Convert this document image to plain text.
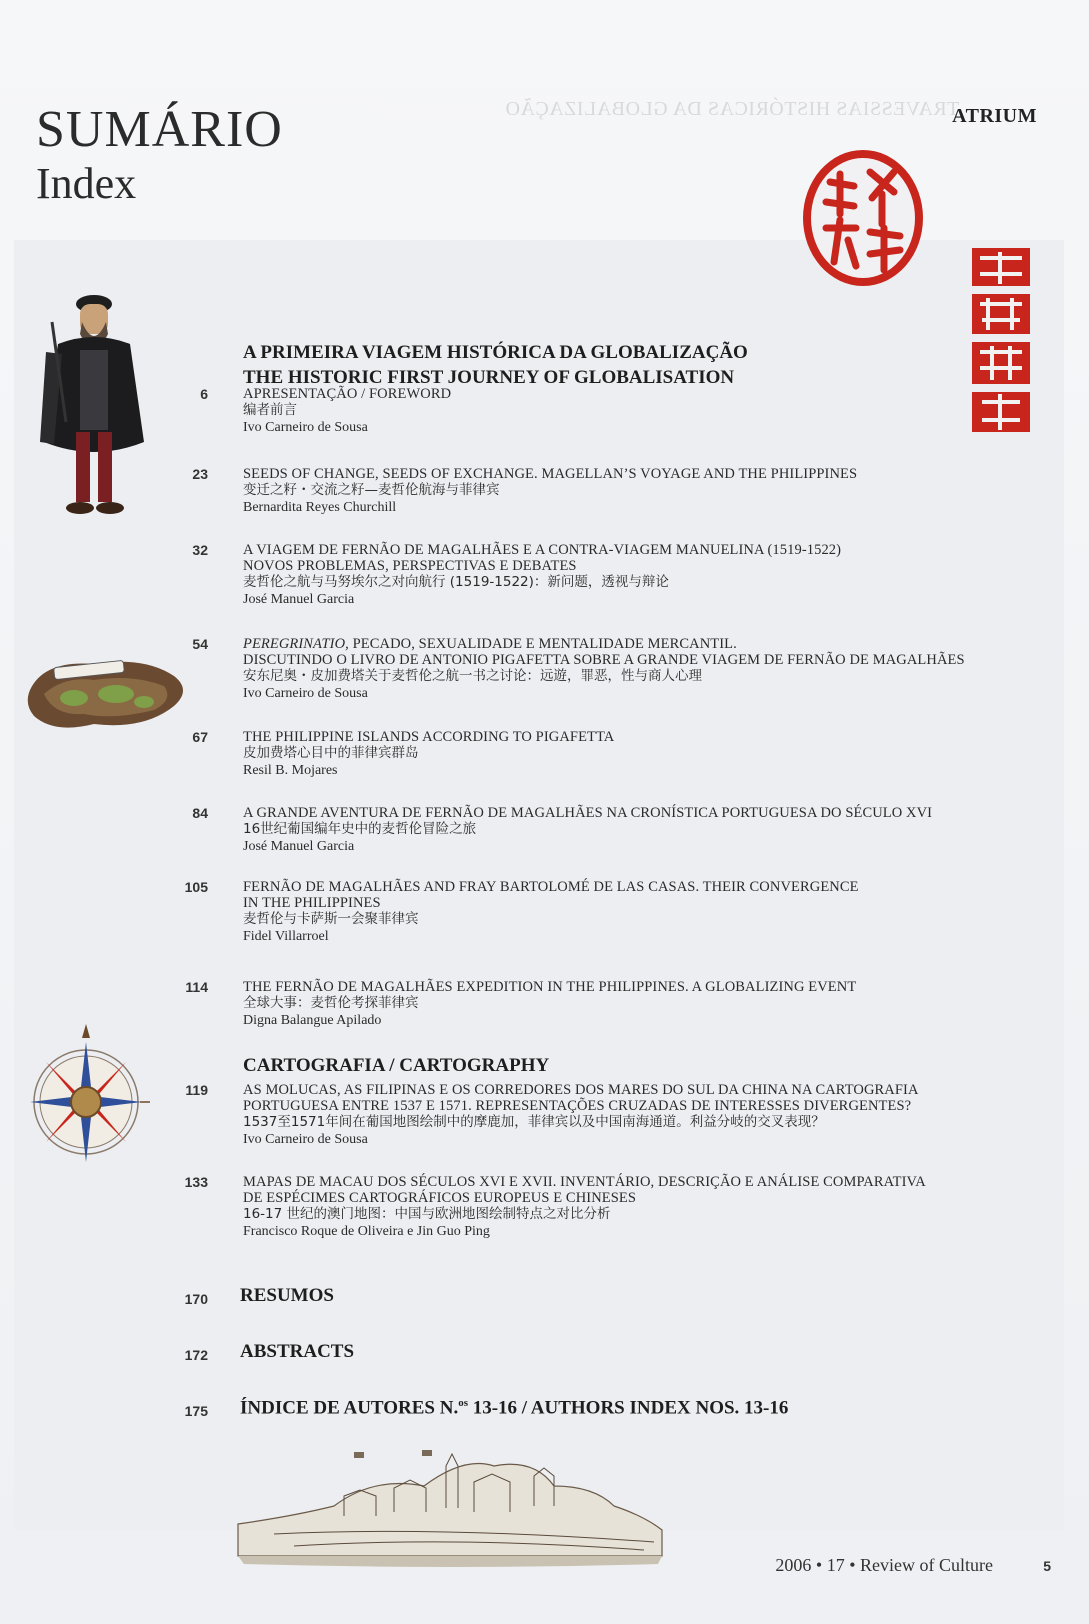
TRAVESSIAS HISTÓRICAS DA GLOBALIZAÇÃO
SUMÁRIO
Index
ATRIUM
A PRIMEIRA VIAGEM HISTÓRICA DA GLOBALIZAÇÃO
THE HISTORIC FIRST JOURNEY OF GLOBALISATION
6 APRESENTAÇÃO / FOREWORD
编者前言
Ivo Carneiro de Sousa
23 SEEDS OF CHANGE, SEEDS OF EXCHANGE. MAGELLAN’S VOYAGE AND THE PHILIPPINES
变迁之籽・交流之籽—麦哲伦航海与菲律宾
Bernardita Reyes Churchill
32 A VIAGEM DE FERNÃO DE MAGALHÃES E A CONTRA-VIAGEM MANUELINA (1519-1522)
NOVOS PROBLEMAS, PERSPECTIVAS E DEBATES
麦哲伦之航与马努埃尔之对向航行 (1519-1522)：新问题，透视与辩论
José Manuel Garcia
54 PEREGRINATIO, PECADO, SEXUALIDADE E MENTALIDADE MERCANTIL.
DISCUTINDO O LIVRO DE ANTONIO PIGAFETTA SOBRE A GRANDE VIAGEM DE FERNÃO DE MAGALHÃES
安东尼奥・皮加费塔关于麦哲伦之航一书之讨论：远遊，罪恶，性与商人心理
Ivo Carneiro de Sousa
67 THE PHILIPPINE ISLANDS ACCORDING TO PIGAFETTA
皮加费塔心目中的菲律宾群岛
Resil B. Mojares
84 A GRANDE AVENTURA DE FERNÃO DE MAGALHÃES NA CRONÍSTICA PORTUGUESA DO SÉCULO XVI
16世纪葡国编年史中的麦哲伦冒险之旅
José Manuel Garcia
105 FERNÃO DE MAGALHÃES AND FRAY BARTOLOMÉ DE LAS CASAS. THEIR CONVERGENCE
IN THE PHILIPPINES
麦哲伦与卡萨斯一会聚菲律宾
Fidel Villarroel
114 THE FERNÃO DE MAGALHÃES EXPEDITION IN THE PHILIPPINES. A GLOBALIZING EVENT
全球大事：麦哲伦考探菲律宾
Digna Balangue Apilado
CARTOGRAFIA / CARTOGRAPHY
119 AS MOLUCAS, AS FILIPINAS E OS CORREDORES DOS MARES DO SUL DA CHINA NA CARTOGRAFIA
PORTUGUESA ENTRE 1537 E 1571. REPRESENTAÇÕES CRUZADAS DE INTERESSES DIVERGENTES?
1537至1571年间在葡国地图绘制中的摩鹿加，菲律宾以及中国南海通道。利益分岐的交叉表现？
Ivo Carneiro de Sousa
133 MAPAS DE MACAU DOS SÉCULOS XVI E XVII. INVENTÁRIO, DESCRIÇÃO E ANÁLISE COMPARATIVA
DE ESPÉCIMES CARTOGRÁFICOS EUROPEUS E CHINESES
16-17 世纪的澳门地图：中国与欧洲地图绘制特点之对比分析
Francisco Roque de Oliveira e Jin Guo Ping
170 RESUMOS
172 ABSTRACTS
175 ÍNDICE DE AUTORES N.$^{os}$ 13-16 / AUTHORS INDEX NOS. 13-16
2006 • 17 • Review of Culture	5
